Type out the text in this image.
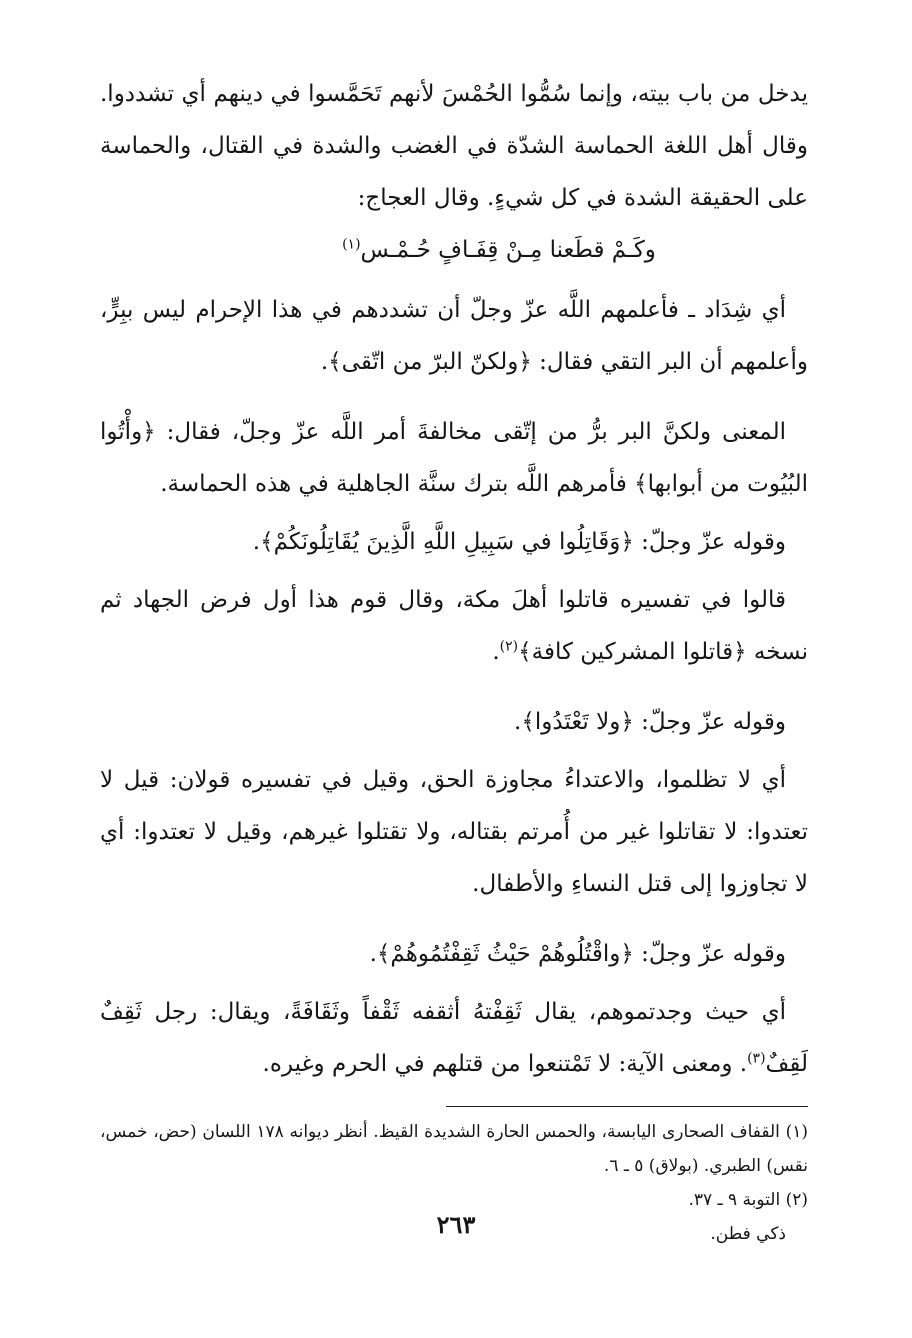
يدخل من باب بيته، وإنما سُمُّوا الحُمْسَ لأنهم تَحَمَّسوا في دينهم أي تشددوا. وقال أهل اللغة الحماسة الشدّة في الغضب والشدة في القتال، والحماسة على الحقيقة الشدة في كل شيءٍ. وقال العجاج:

وكَـمْ قطَعنا مِـنْ قِفَـافٍ حُـمْـس$^{(١)}$

أي شِدَاد ـ فأعلمهم اللَّه عزّ وجلّ أن تشددهم في هذا الإحرام ليس ببِرٍّ، وأعلمهم أن البر التقي فقال: ﴿ولكنّ البرّ من اتّقى﴾.

المعنى ولكنَّ البر برُّ من إتّقى مخالفةَ أمر اللَّه عزّ وجلّ، فقال: ﴿وأْتُوا البُيُوت من أبوابها﴾ فأمرهم اللَّه بترك سنَّة الجاهلية في هذه الحماسة.

وقوله عزّ وجلّ: ﴿وَقَاتِلُوا في سَبِيلِ اللَّهِ الَّذِينَ يُقَاتِلُونَكُمْ﴾.

قالوا في تفسيره قاتلوا أهلَ مكة، وقال قوم هذا أول فرض الجهاد ثم نسخه ﴿قاتلوا المشركين كافة﴾$^{(٢)}$.

وقوله عزّ وجلّ: ﴿ولا تَعْتَدُوا﴾.

أي لا تظلموا، والاعتداءُ مجاوزة الحق، وقيل في تفسيره قولان: قيل لا تعتدوا: لا تقاتلوا غير من أُمرتم بقتاله، ولا تقتلوا غيرهم، وقيل لا تعتدوا: أي لا تجاوزوا إلى قتل النساءِ والأطفال.

وقوله عزّ وجلّ: ﴿واقْتُلُوهُمْ حَيْثُ ثَقِفْتُمُوهُمْ﴾.

أي حيث وجدتموهم، يقال ثَقِفْتهُ أثقفه ثَقْفاً وثَقَافَةً، ويقال: رجل ثَقِفٌ لَقِفٌ$^{(٣)}$. ومعنى الآية: لا تَمْتنعوا من قتلهم في الحرم وغيره.

(١) القفاف الصحارى اليابسة، والحمس الحارة الشديدة القيظ. أنظر ديوانه ١٧٨ اللسان (حض، خمس، نقس) الطبري. (بولاق) ٥ ـ ٦.

(٢) التوبة ٩ ـ ٣٧.

ذكي فطن.

٢٦٣
